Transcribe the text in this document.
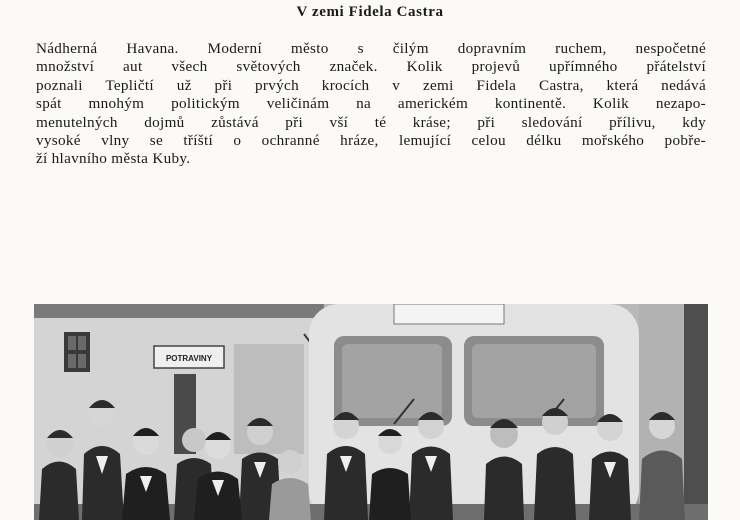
V zemi Fidela Castra
Nádherná Havana. Moderní město s čilým dopravním ruchem, nespočetné
množství aut všech světových značek. Kolik projevů upřímného přátelství
poznali Tepličtí už při prvých krocích v zemi Fidela Castra, která nedává
spát mnohým politickým veličinám na americkém kontinentě. Kolik nezapo-
menutelných dojmů zůstává při vší té kráse; při sledování přílivu, kdy
vysoké vlny se tříští o ochranné hráze, lemující celou délku mořského pobře-
ží hlavního města Kuby.
POTRAVINY
